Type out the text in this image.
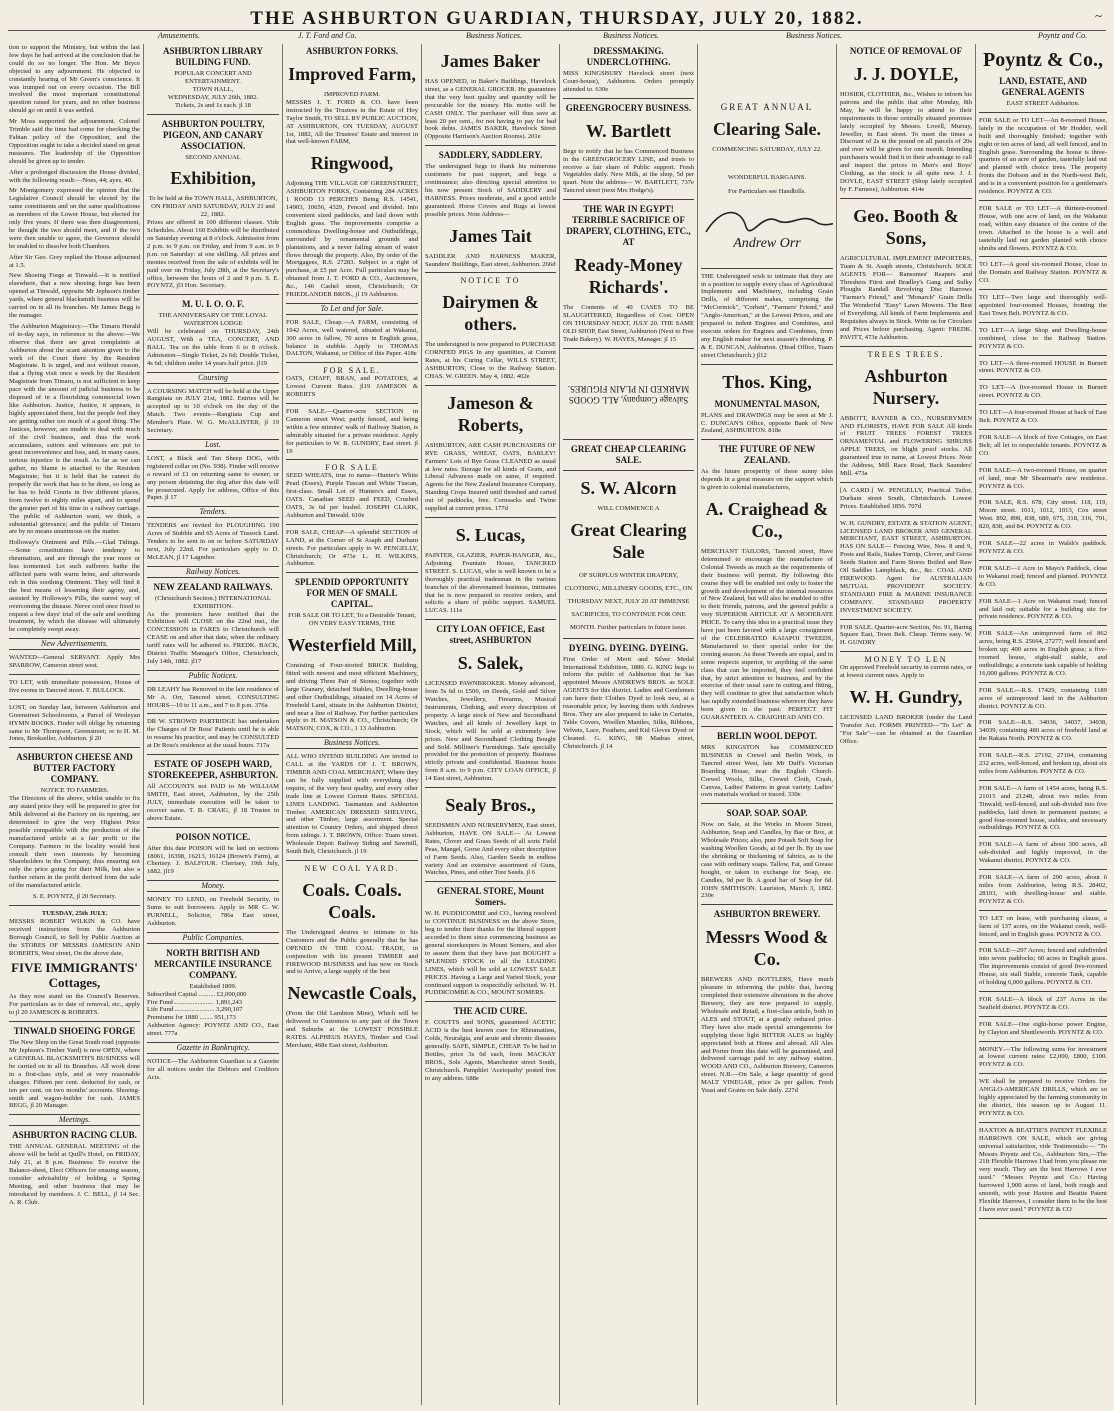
THE ASHBURTON GUARDIAN, THURSDAY, JULY 20, 1882.	~
Amusements.	J. T. Ford and Co.	Business Notices.	Business Notices.	Business Notices.	Poyntz and Co.

tion to support the Ministry, but within the last few days he had arrived at the conclusion that he could do so no longer. The Hon. Mr Bryce objected to any adjournment. He objected to constantly hearing of Mr Green's conscience. It was trumped out on every occasion. The Bill involved the most important constitutional question raised for years, and no other business should go on until it was settled.

Mr Moss supported the adjournment. Colonel Trimble said the time had come for checking the Fabian policy of the Opposition, and the Opposition ought to take a decided stand on great measures. The leadership of the Opposition should be given up to tender.

After a prolonged discussion the House divided, with the following result:—Noes, 44; ayes, 40.

Mr Montgomery expressed the opinion that the Legislative Council should be elected by the same constituents and on the same qualifications as members of the Lower House, but elected for only five years. If there was then disagreement, he thought the two should meet, and if the two were then unable to agree, the Governor should be enabled to dissolve both Chambers.

After Sir Geo. Grey replied the House adjourned at 1.5.

New Shoeing Forge at Tinwald.—It is notified elsewhere, that a new shoeing forge has been opened at Tinwald, opposite Mr Jephson's timber yards, where general blacksmith business will be carried on in all its branches. Mr James Begg is the manager.

The Ashburton Magistracy.—The Timaru Herald of to-day says, in reference to the above:—We observe that there are great complaints at Ashburton about the scant attention given to the work of the Court there by the Resident Magistrate. It is urged, and not without reason, that a flying visit once a week by the Resident Magistrate from Timaru, is not sufficient to keep pace with the amount of judicial business to be disposed of in a flourishing commercial town like Ashburton. Justice, Justice, it appears, is highly appreciated there, but the people feel they are getting rather too much of a good thing. The Justices, however, are unable to deal with much of the civil business, and thus the work accumulates, suitors and witnesses are put to great inconvenience and loss, and, in many cases, serious injustice is the result. As far as we can gather, no blame is attached to the Resident Magistrate; but it is held that he cannot do properly the work that has to be done, so long as he has to hold Courts in five different places, from twelve to eighty miles apart, and to spend the greater part of his time in a railway carriage. The public of Ashburton want, we think, a substantial grievance; and the public of Timaru are by no means unanimous on the matter.

Holloway's Ointment and Pills.—Glad Tidings.—Some constitutions have tendency to rheumatism, and are through the year more or less tormented. Let such sufferers bathe the afflicted parts with warm brine, and afterwards rub in this soothing Ointment. They will find it the best means of lessening their agony, and, assisted by Holloway's Pills, the surest way of overcoming the disease. Nerve cord once fixed to request a few days' trial of the safe and soothing treatment, by which the disease will ultimately be completely swept away.

New Advertisements.

WANTED—General SERVANT. Apply Mrs SPARROW, Cameron street west.

TO LET, with immediate possession, House of five rooms in Tancred street. T. BULLOCK.

LOST, on Sunday last, between Ashburton and Greenstreet Schoolrooms, a Parcel of Wesleyan HYMN BOOKS. Finder will oblige by returning same to Mr Thompson, Greenstreet; or to H. M. Jones, Bookseller, Ashburton. jl 20

ASHBURTON CHEESE AND BUTTER FACTORY COMPANY.
NOTICE TO FARMERS.

The Directors of the above, whilst unable to fix any stated price they will be prepared to give for Milk delivered at the Factory on its opening, are determined to give the very Highest Price possible compatible with the production of the manufactured article at a fair profit to the Company. Farmers in the locality would best consult their own interests by becoming Shareholders in the Company, thus ensuring not only the price going for their Milk, but also a further return in the profit derived from the sale of the manufactured article.

S. E. POYNTZ, jl 20 Secretary.
TUESDAY, 25th JULY.

MESSRS ROBERT WILKIN & CO. have received instructions from the Ashburton Borough Council, to Sell by Public Auction at the STORES OF MESSRS JAMESON AND ROBERTS, West street, On the above date,

FIVE IMMIGRANTS' Cottages,

As they now stand on the Council's Reserves. For particulars as to date of removal, etc., apply to jl 20 JAMESON & ROBERTS.

TINWALD SHOEING FORGE

The New Shop on the Great South road (opposite Mr Jephson's Timber Yard) is now OPEN, where a GENERAL BLACKSMITH'S BUSINESS will be carried on in all its Branches. All work done in a first-class style, and at very reasonable charges. Fifteen per cent. deducted for cash, or ten per cent. on two months' accounts. Shoeing-smith and wagon-builder for cash. JAMES BEGG, jl 20 Manager.

Meetings.
ASHBURTON RACING CLUB.

THE ANNUAL GENERAL MEETING of the above will be held at Quill's Hotel, on FRIDAY, July 21, at 8 p.m. Business: To receive the Balance-sheet, Elect Officers for ensuing season, consider advisability of holding a Spring Meeting, and other business that may be introduced by members. J. C. BELL, jl 14 Sec. A. R. Club.

ASHBURTON LIBRARY BUILDING FUND.
POPULAR CONCERT AND ENTERTAINMENT.
TOWN HALL,
WEDNESDAY, JULY 26th, 1882.
Tickets, 2s and 1s each. jl 18
ASHBURTON POULTRY, PIGEON, AND CANARY ASSOCIATION.
SECOND ANNUAL
Exhibition,
To be held at the TOWN HALL, ASHBURTON, ON FRIDAY AND SATURDAY, JULY 21 and 22, 1882.

Prizes are offered in 100 different classes. Vide Schedules. About 160 Exhibits will be distributed on Saturday evening at 8 o'clock. Admission from 2 p.m. to 9 p.m. on Friday, and from 9 a.m. to 9 p.m. on Saturday: at one shilling. All prizes and monies received from the sale of exhibits will be paid over on Friday, July 28th, at the Secretary's office, between the hours of 2 and 9 p.m. S. E. POYNTZ, jl3 Hon. Secretary.

M. U. I. O. O. F.
THE ANNIVERSARY OF THE LOYAL WATERTON LODGE

Will be celebrated on THURSDAY, 24th AUGUST, With a TEA, CONCERT, AND BALL. Tea on the table from 6 to 8 o'clock. Admission—Single Ticket, 2s 6d; Double Ticket, 4s 6d; children under 14 years half price. jl19

Coursing

A COURSING MATCH will be held at the Upper Rangitata on JULY 21st, 1882. Entries will be accepted up to 10 o'clock on the day of the Match. Two events—Rangitata Cup and Member's Plate. W. G. McALLISTER, jl 19 Secretary.

Lost.

LOST, a Black and Tan Sheep DOG, with registered collar on (No. 938). Finder will receive a reward of £1 on returning same to owner; or any person detaining the dog after this date will be prosecuted. Apply for address, Office of this Paper. jl 17

Tenders.

TENDERS are invited for PLOUGHING 190 Acres of Stubble and 65 Acres of Tussock Land. Tenders to be sent in on or before SATURDAY next, July 22nd. For particulars apply to D. McLEAN, jl 17 Lagmhor.

Railway Notices.
NEW ZEALAND RAILWAYS.
(Christchurch Section.) INTERNATIONAL EXHIBITION.

As the promoters have notified that the Exhibition will CLOSE on the 22nd inst., the CONCESSION in FARES to Christchurch will CEASE on and after that date, when the ordinary tariff rates will be adhered to. FREDK. BACK, District Traffic Manager's Office, Christchurch, July 14th, 1882. jl17

Public Notices.

DR LEAHY has Removed to the late residence of Mr A. Orr, Tancred street. CONSULTING HOURS—10 to 11 a.m., and 7 to 8 p.m. 376a

DR W. STROWD PARTRIDGE has undertaken the Charges of Dr Ross' Patients until he is able to resume his practice, and may be CONSULTED at Dr Ross's residence at the usual hours. 717a

ESTATE OF JOSEPH WARD, STOREKEEPER, ASHBURTON.

All ACCOUNTS not PAID to Mr WILLIAM SMITH, East street, Ashburton, by the 25th JULY, immediate execution will be taken to recover same. T. B. CRAIG, jl 18 Trustee in above Estate.

POISON NOTICE.

After this date POISON will be laid on sections 18061, 16398, 16213, 16124 (Brown's Farm), at Chertsey. J. BALFOUR. Chertsey, 19th July, 1882. jl19

Money.

MONEY TO LEND, on Freehold Security, in Sums to suit borrowers. Apply to MR C. W. PURNELL, Solicitor, 786a East street, Ashburton.

Public Companies.
NORTH BRITISH AND MERCANTILE INSURANCE COMPANY.
Established 1809.
Subscribed Capital .......... £2,000,000
Fire Fund ........................ 1,891,243
Life Fund ........................ 3,290,107
Premiums for 1880 ........ 951,173

Ashburton Agency: POYNTZ AND CO., East street. 777a

Gazette in Bankruptcy.

NOTICE—The Ashburton Guardian is a Gazette for all notices under the Debtors and Creditors Acts.

ASHBURTON FORKS.
Improved Farm,
IMPROVED FARM.

MESSRS J. T. FORD & CO. have been instructed by the Trustees in the Estate of Hoy Taylor Smith, TO SELL BY PUBLIC AUCTION, AT ASHBURTON, ON TUESDAY, AUGUST 1st, 1882, All the Trustees' Estate and interest in that well-known FARM,

Ringwood,

Adjoining THE VILLAGE OF GREENSTREET, ASHBURTON FORKS, Containing 284 ACRES 1 ROOD 13 PERCHES Being R.S. 14541, 14903, 10656, 4329, Fenced and divided. Into convenient sized paddocks, and laid down with English grass. The improvements comprise a commodious Dwelling-house and Outbuildings, surrounded by ornamental grounds and plantations, and a never failing stream of water flows through the property. Also, By order of the Mortgagees, R.S. 27283. Subject to a right of purchase, at £5 per Acre. Full particulars may be obtained from J. T. FORD & CO., Auctioneers, &c., 146 Cashel street, Christchurch; Or FRIEDLANDER BROS., jl 19 Ashburton.

To Let and for Sale.

FOR SALE, Cheap.—A FARM, consisting of 1942 Acres, well watered, situated at Wakanui, 300 acres in fallow, 70 acres in English grass, balance in stubble. Apply to THOMAS DALTON, Wakanui, or Office of this Paper. 418e

FOR SALE.

OATS, CHAFF, BRAN, and POTATOES, at Lowest Current Rates. jl19 JAMESON & ROBERTS

FOR SALE.—Quarter-acre SECTION in Cameron street West; partly fenced, and being within a few minutes' walk of Railway Station, is admirably situated for a private residence. Apply for particulars to W. B. GUNDRY, East street. jl 19

FOR SALE

SEED WHEATS, true to name—Hunter's White Pearl (Essex), Purple Tuscan and White Tuscan, first-class. Small Lot of Hunters's and Essex, OATS. Canadian SEED and FEED, Crushed OATS, 3s 6d per bushel. JOSEPH CLARK, Ashburton and Tinwald. 610e

FOR SALE, CHEAP—A splendid SECTION of LAND, at the Corner of St Asaph and Durham streets. For particulars apply to W. PENGELLY, Christchurch; Or 473e L. H. WILKINS, Ashburton.

SPLENDID OPPORTUNITY FOR MEN OF SMALL CAPITAL.
FOR SALE OR TO LET, To a Desirable Tenant, ON VERY EASY TERMS, THE
Westerfield Mill,

Consisting of Four-storied BRICK Building, fitted with newest and most efficient Machinery, and driving Three Pair of Stones; together with large Granary, detached Stables, Dwelling-house and other Outbuildings, situated on 14 Acres of Freehold Land, situate in the Ashburton District, and near a line of Railway. For further particulars apply to H. MATSON & CO., Christchurch; Or MATSON, COX, & CO., 1 13 Ashburton.

Business Notices.

ALL WHO INTEND BUILDING Are invited to CALL at the YARDS OF J. T. BROWN, TIMBER AND COAL MERCHANT, Where they can be fully supplied with everything they require, of the very best quality, and every other trade line at Lowest Current Rates. SPECIAL LINES LANDING. Tasmanian and Ashburton Timber. AMERICAN DRESSED SHELVING, and other Timber, large assortment. Special attention to Country Orders, and shipped direct from sidings. J. T. BROWN, Office: Tuam street. Wholesale Depot: Railway Siding and Sawmill, South Belt, Christchurch. jl 19

NEW COAL YARD.
Coals. Coals. Coals.

The Undersigned desires to intimate to his Customers and the Public generally that he has OPENED IN THE COAL TRADE, in conjunction with his present TIMBER and FIREWOOD BUSINESS and has now on Stock and to Arrive, a large supply of the best

Newcastle Coals,

(From the Old Lambton Mine), Which will be delivered to Customers to any part of the Town and Suburbs at the LOWEST POSSIBLE RATES. ALPHEUS HAYES, Timber and Coal Merchant, 468e East street, Ashburton.

James Baker

HAS OPENED, in Baker's Buildings, Havelock street, as a GENERAL GROCER. He guarantees that the very best quality and quantity will be procurable for the money. His motto will be CASH ONLY. The purchaser will thus save at least 20 per cent., for not having to pay for bad book debts. JAMES BAKER, Havelock Street (Opposite Harrison's Auction Rooms). 201e

SADDLERY, SADDLERY.

The undersigned begs to thank his numerous customers for past support, and begs a continuance; also directing special attention to his now present Stock of SADDLERY and HARNESS. Prices moderate, and a good article guaranteed. Horse Covers and Rugs at lowest possible prices. Note Address—

James Tait

SADDLER AND HARNESS MAKER, Saunders' Buildings, East street, Ashburton. 266d

NOTICE TO
Dairymen & others.

The undersigned is now prepared to PURCHASE CORNFED PIGS In any quantities, at Current Rates, at his Curing Cellar, WILLS STREET, ASHBURTON, Close to the Railway Station. CHAS. W. GREEN. May 4, 1882. 402e

Jameson & Roberts,

ASHBURTON, ARE CASH PURCHASERS OF RYE GRASS, WHEAT, OATS, BARLEY! Farmers' Lots of Rye Grass CLEANED as usual at low rates. Storage for all kinds of Grain, and Liberal Advances made on same, if required. Agents for the New Zealand Insurance Company. Standing Crops Insured until threshed and carted out of paddocks, free. Cornsacks and Twine supplied at current prices. 177d

S. Lucas,

PAINTER, GLAZIER, PAPER-HANGER, &c., Adjoining Fountain House, TANCRED STREET. S. LUCAS, who is well known to be a thoroughly practical tradesman in the various branches of the abovenamed business, intimates that he is now prepared to receive orders, and solicits a share of public support. SAMUEL LUCAS. 111e

CITY LOAN OFFICE, East street, ASHBURTON
S. Salek,

LICENSED PAWNBROKER. Money advanced, from 5s 6d to £500, on Deeds, Gold and Silver Watches, Jewellery, Firearms, Musical Instruments, Clothing, and every description of property. A large stock of New and Secondhand Watches, and all kinds of Jewellery kept in Stock, which will be sold at extremely low prices. New and Secondhand Clothing Bought and Sold. Milliner's Furnishings. Safe specially provided for the protection of property. Business strictly private and confidential. Business hours from 8 a.m. to 9 p.m. CITY LOAN OFFICE, jl 14 East street, Ashburton.

Sealy Bros.,

SEEDSMEN AND NURSERYMEN, East street, Ashburton, HAVE ON SALE— At Lowest Rates, Clover and Grass Seeds of all sorts Field Peas, Mangel, Gorse And every other description of Farm Seeds. Also, Garden Seeds in endless variety And an extensive assortment of Guns, Watches, Pines, and other Tree Seeds. jl 6

GENERAL STORE, Mount Somers.

W. H. PUDDICOMBE and CO., having resolved to CONTINUE BUSINESS on the above Store, beg to tender their thanks for the liberal support accorded to them since commencing business as general storekeepers in Mount Somers, and also to assure them that they have just BOUGHT a SPLENDID STOCK in all the LEADING LINES, which will be sold at LOWEST SALE PRICES. Having a Large and Varied Stock, your continued support is respectfully solicited. W. H. PUDDICOMBE & CO., MOUNT SOMERS.

THE ACID CURE.

F. COUTTS and SONS, guaranteed ACETIC ACID is the best known cure for Rheumatism, Colds, Neuralgia, and acute and chronic diseases generally. SAFE, SIMPLE, CHEAP. To be had in Bottles, price 3s 6d each, from MACKAY BROS., Sole Agents, Manchester street South, Christchurch. Pamphlet 'Acetopathy' posted free to any address. 688e

DRESSMAKING. UNDERCLOTHING.

MISS KINGSBURY Havelock street (next Court-house), Ashburton. Orders promptly attended to. 630e

GREENGROCERY BUSINESS.
W. Bartlett

Begs to notify that he has Commenced Business in the GREENGROCERY LINE, and trusts to receive a fair share of Public support. Fresh Vegetables daily. New Milk, at the shop, 5d per quart. Note the address— W. BARTLETT, 737e Tancred street (next Mrs Hodge's).

THE WAR IN EGYPT! TERRIBLE SACRIFICE OF DRAPERY, CLOTHING, ETC., AT
Ready-Money Richards'.

The Contents of 40 CASES TO BE SLAUGHTERED, Regardless of Cost. OPEN ON THURSDAY NEXT, JULY 20. THE SAME OLD SHOP, East Street, Ashburton (Next to Free Trade Bakery). W. HAYES, Manager. jl 15

Salvage Company, ALL GOODS MARKED IN PLAIN FIGURES.
GREAT CHEAP CLEARING SALE.
S. W. Alcorn
WILL COMMENCE A
Great Clearing Sale
OF SURPLUS WINTER DRAPERY, CLOTHING, MILLINERY GOODS, ETC., ON THURSDAY NEXT, JULY 20 AT IMMENSE SACRIFICES, TO CONTINUE FOR ONE MONTH. Further particulars in future issue.
DYEING. DYEING. DYEING.

First Order of Merit and Silver Medal International Exhibition, 1880. G. KING begs to inform the public of Ashburton that he has appointed Messrs ANDREWS BROS. as SOLE AGENTS for this district. Ladies and Gentlemen can have their Clothes Dyed to look new, at a reasonable price, by leaving them with Andrews Bros. They are also prepared to take in Curtains, Table Covers, Woollen Mantles, Silks, Ribbons, Velvets, Lace, Feathers, and Kid Gloves Dyed or Cleaned. G. KING, 98 Madras street, Christchurch. jl 14

GREAT ANNUAL
Clearing Sale.
COMMENCING SATURDAY, JULY 22.
WONDERFUL BARGAINS.
For Particulars see Handbills.
Andrew Orr

THE Undersigned wish to intimate that they are in a position to supply every class of Agricultural Implements and Machinery, including Grain Drills, of different makes, comprising the "McCormick", "Corbett", "Farmers' Friend," and "Anglo-American," at the Lowest Prices, and are prepared to indent Engines and Combines, and execute orders for Engines and Combines, from any English maker for next season's threshing. P. & E. DUNCAN, Ashburton. (Head Office, Tuam street Christchurch.) jl12

Thos. King,
MONUMENTAL MASON,

PLANS and DRAWINGS may be seen at Mr J. C. DUNCAN'S Office, opposite Bank of New Zealand, ASHBURTON. 818e

THE FUTURE OF NEW ZEALAND.

As the future prosperity of these sunny isles depends in a great measure on the support which is given to colonial manufactures,

A. Craighead & Co.,

MERCHANT TAILORS, Tancred street, Have determined to encourage the manufacture of Colonial Tweeds as much as the requirements of their business will permit. By following this course they will be enabled not only to foster the growth and development of the internal resources of New Zealand, but will also be enabled to offer to their friends, patrons, and the general public a very SUPERIOR ARTICLE AT A MODERATE PRICE. To carry this idea to a practical issue they have just been favored with a large consignment of the CELEBRATED KAIAPOI TWEEDS, Manufactured to their special order for the coming season. As these Tweeds are equal, and in some respects superior, to anything of the same class that can be imported, they feel confident that, by strict attention to business, and by the exercise of their usual care in cutting and fitting, they will continue to give that satisfaction which has rapidly extended business wherever they have been given in the past. PERFECT FIT GUARANTEED. A. CRAIGHEAD AND CO.

BERLIN WOOL DEPOT.

MRS KINGSTON has COMMENCED BUSINESS in Crewel and Berlin Work, in Tancred street West, late Mr Duff's Victorian Boarding House, near the English Church. Crewel Wools, Silks, Crewel Cloth, Crash, Canvas, Ladies' Patterns in great variety. Ladies' own materials worked or traced. 330e

SOAP. SOAP. SOAP.

Now on Sale, at the Works in Moore Street, Ashburton, Soap and Candles, by Bar or Box, at Wholesale Prices; also, pure Potash Soft Soap for washing Woollen Goods, at 6d per lb. By its use the shrinking or thickening of fabrics, as is the case with ordinary soaps. Tallow, Fat, and Grease bought, or taken in exchange for Soap, etc. Candles, 9d per lb. A good bar of Soap for 6d. JOHN SMITHSON. Lauriston, March 3, 1882. 230e

ASHBURTON BREWERY.
Messrs Wood & Co.

BREWERS AND BOTTLERS, Have much pleasure in informing the public that, having completed their extensive alterations in the above Brewery, they are now prepared to supply, Wholesale and Retail, a first-class article, both in ALES and STOUT, at a greatly reduced price. They have also made special arrangements for supplying those light BITTER ALES so highly appreciated both at Home and abroad. All Ales and Porter from this date will be guaranteed, and delivered carriage paid to any railway station. WOOD AND CO., Ashburton Brewery, Cameron street. N.B.—On Sale, a large quantity of good MALT VINEGAR, price 2s per gallon. Fresh Yeast and Grains on Sale daily. 227d

NOTICE OF REMOVAL OF
J. J. DOYLE,

HOSIER, CLOTHIER, &c., Wishes to inform his patrons and the public that after Monday, 8th May, he will be happy to attend to their requirements in those centrally situated premises lately occupied by Messrs. Lovell, Murray, Jeweller, in East street. To meet the times a Discount of 2s in the pound on all parcels of 20s and over will be given for one month. Intending purchasers would find it to their advantage to call and inspect the prices in Men's and Boys' Clothing, as the stock is all quite new. J. J. DOYLE, EAST STREET (Shop lately occupied by F. Furness), Ashburton. 414e

Geo. Booth & Sons,

AGRICULTURAL IMPLEMENT IMPORTERS, Tuam & St. Asaph streets, Christchurch. SOLE AGENTS FOR— Ransomes' Reapers and Threshers Fürst and Bradley's Gang and Sulky Ploughs Randall Revolving Disc Harrows "Farmer's Friend," and "Monarch" Grain Drills The Wonderful "Easy" Lawn Mowers. The Best of Everything. All kinds of Farm Implements and Requisites always in Stock. Write us for Circulars and Prices before purchasing. Agent: FREDK. PAVITT, 473e Ashburton.

TREES TREES.
Ashburton Nursery.

ABBOTT, RAYNER & CO., NURSERYMEN AND FLORISTS, HAVE FOR SALE All kinds of FRUIT TREES FOREST TREES ORNAMENTAL and FLOWERING SHRUBS APPLE TREES, on blight proof stocks. All guaranteed true to name, at Lowest Prices. Note the Address, Mill Race Road, Back Saunders' Mill. 473a

[A CARD.] W. PENGELLY, Practical Tailor, Durham street South, Christchurch. Lowest Prices. Established 1856. 707d

W. H. GUNDRY, ESTATE & STATION AGENT, LICENSED LAND BROKER AND GENERAL MERCHANT, EAST STREET, ASHBURTON. HAS ON SALE— Fencing Wire, Nos. 8 and 9, Posts and Rails, Stakes Turnip, Clover, and Gorse Seeds Station and Farm Stores Boiled and Raw Oil Saddles Lampblack, &c., &c. COAL AND FIREWOOD. Agent for AUSTRALIAN MUTUAL PROVIDENT SOCIETY. STANDARD FIRE & MARINE INSURANCE COMPANY. STANDARD PROPERTY INVESTMENT SOCIETY.

FOR SALE. Quarter-acre Section, No. 91, Baring Square East, Town Belt. Cheap. Terms easy. W. H. GUNDRY

MONEY TO LEN

On approved Freehold security in current rates, or at lowest current rates. Apply to

W. H. Gundry,

LICENSED LAND BROKER (under the Land Transfer Act. FORMS PRINTED—"To Let" & "For Sale"—can be obtained at the Guardian Office.

Poyntz & Co.,
LAND, ESTATE, AND GENERAL AGENTS
EAST STREET Ashburton.

FOR SALE or TO LET—An 8-roomed House, lately in the occupation of Mr Hodder, well built and thoroughly finished; together with eight or ten acres of land, all well fenced, and in English grass. Surrounding the house is three-quarters of an acre of garden, tastefully laid out and planted with choice trees. The property fronts the Dobson and in the North-west Belt, and is in a convenient position for a gentleman's residence. POYNTZ & CO.

FOR SALE or TO LET—A thirteen-roomed House, with one acre of land, on the Wakanui road, within easy distance of the centre of the town. Attached to the house is a well and tastefully laid out garden planted with choice shrubs and flowers. POYNTZ & CO.

TO LET—A good six-roomed House, close to the Domain and Railway Station. POYNTZ & CO.

TO LET—Two large and thoroughly well-appointed four-roomed Houses, fronting the East Town Belt. POYNTZ & CO.

TO LET—A large Shop and Dwelling-house combined, close to the Railway Station. POYNTZ & CO.

TO LET—A three-roomed HOUSE in Burnett street. POYNTZ & CO.

TO LET—A five-roomed House in Burnett street. POYNTZ & CO.

TO LET—A four-roomed House at back of East Belt. POYNTZ & CO.

FOR SALE—A block of five Cottages, on East Belt; all let to respectable tenants. POYNTZ & CO.

FOR SALE—A two-roomed House, on quarter of land, near Mr Shearman's new residence. POYNTZ & CO.

FOR SALE, R.S. 678, City street. 118, 119, Moore street. 1011, 1012, 1013, Cox street West. 892, 898, 838, 689, 675, 318, 316, 791, 820, 838, and 84. POYNTZ & CO.

FOR SALE—22 acres in Walsh's paddock. POYNTZ & CO.

FOR SALE—1 Acre in Mayo's Paddock, close to Wakanui road; fenced and planted. POYNTZ & CO.

FOR SALE—1 Acre on Wakanui road; fenced and laid out; suitable for a building site for private residence. POYNTZ & CO.

FOR SALE—An unimproved farm of 862 acres, being R.S. 25664, 27277; well fenced and broken up; 400 acres in English grass; a five-roomed house, eight-stall stable, and outbuildings; a concrete tank capable of holding 16,000 gallons. POYNTZ & CO.

FOR SALE.—R.S. 17429, containing 1189 acres of unimproved land in the Ashburton district. POYNTZ & CO.

FOR SALE—R.S. 34036, 34037, 34038, 34039, containing 480 acres of freehold land at the Rakaia North. POYNTZ & CO.

FOR SALE—R.S. 27192, 27104, containing 232 acres, well-fenced, and broken up, about six miles from Ashburton. POYNTZ & CO.

FOR SALE—A farm of 1454 acres, being R.S. 21015 and 21248, about two miles from Tinwald; well-fenced, and sub-divided into five paddocks, laid down in permanent pasture; a good four-roomed house, stables, and necessary outbuildings. POYNTZ & CO.

FOR SALE—A farm of about 300 acres, all sub-divided and highly improved, in the Wakanui district. POYNTZ & CO.

FOR SALE—A farm of 290 acres, about 6 miles from Ashburton, being R.S. 28402, 28103, with dwelling-house and stable. POYNTZ & CO.

TO LET on lease, with purchasing clause, a farm of 137 acres, on the Wakanui creek, well-fenced, and in English grass. POYNTZ & CO.

FOR SALE—297 Acres; fenced and subdivided into seven paddocks; 60 acres in English grass. The improvements consist of good five-roomed House, six stall Stable, concrete Tank, capable of holding 6,000 gallons. POYNTZ & CO.

FOR SALE—A block of 237 Acres in the Seafield district. POYNTZ & CO.

FOR SALE—One eight-horse power Engine, by Clayton and Shuttleworth. POYNTZ & CO.

MONEY.—The following sums for investment at lowest current rates: £2,000, £800, £100. POYNTZ & CO.

WE shall be prepared to receive Orders for ANGLO-AMERICAN DRILLS, which are so highly appreciated by the farming community in the district, this season up to August 11. POYNTZ & CO.

HAXTON & BEATTIE'S PATENT FLEXIBLE HARROWS ON SALE, which are giving universal satisfaction, vide Testimonials:— "To Messrs Poyntz and Co., Ashburton: Sirs,—The 21ft Flexible Harrows I had from you please me very much. They are the best Harrows I ever used." "Messrs Poyntz and Co.: Having harrowed 1,900 acres of land, both rough and smooth, with your Haxton and Beattie Patent Flexible Harrows, I consider them to be the best I have ever used." POYNTZ & CO
